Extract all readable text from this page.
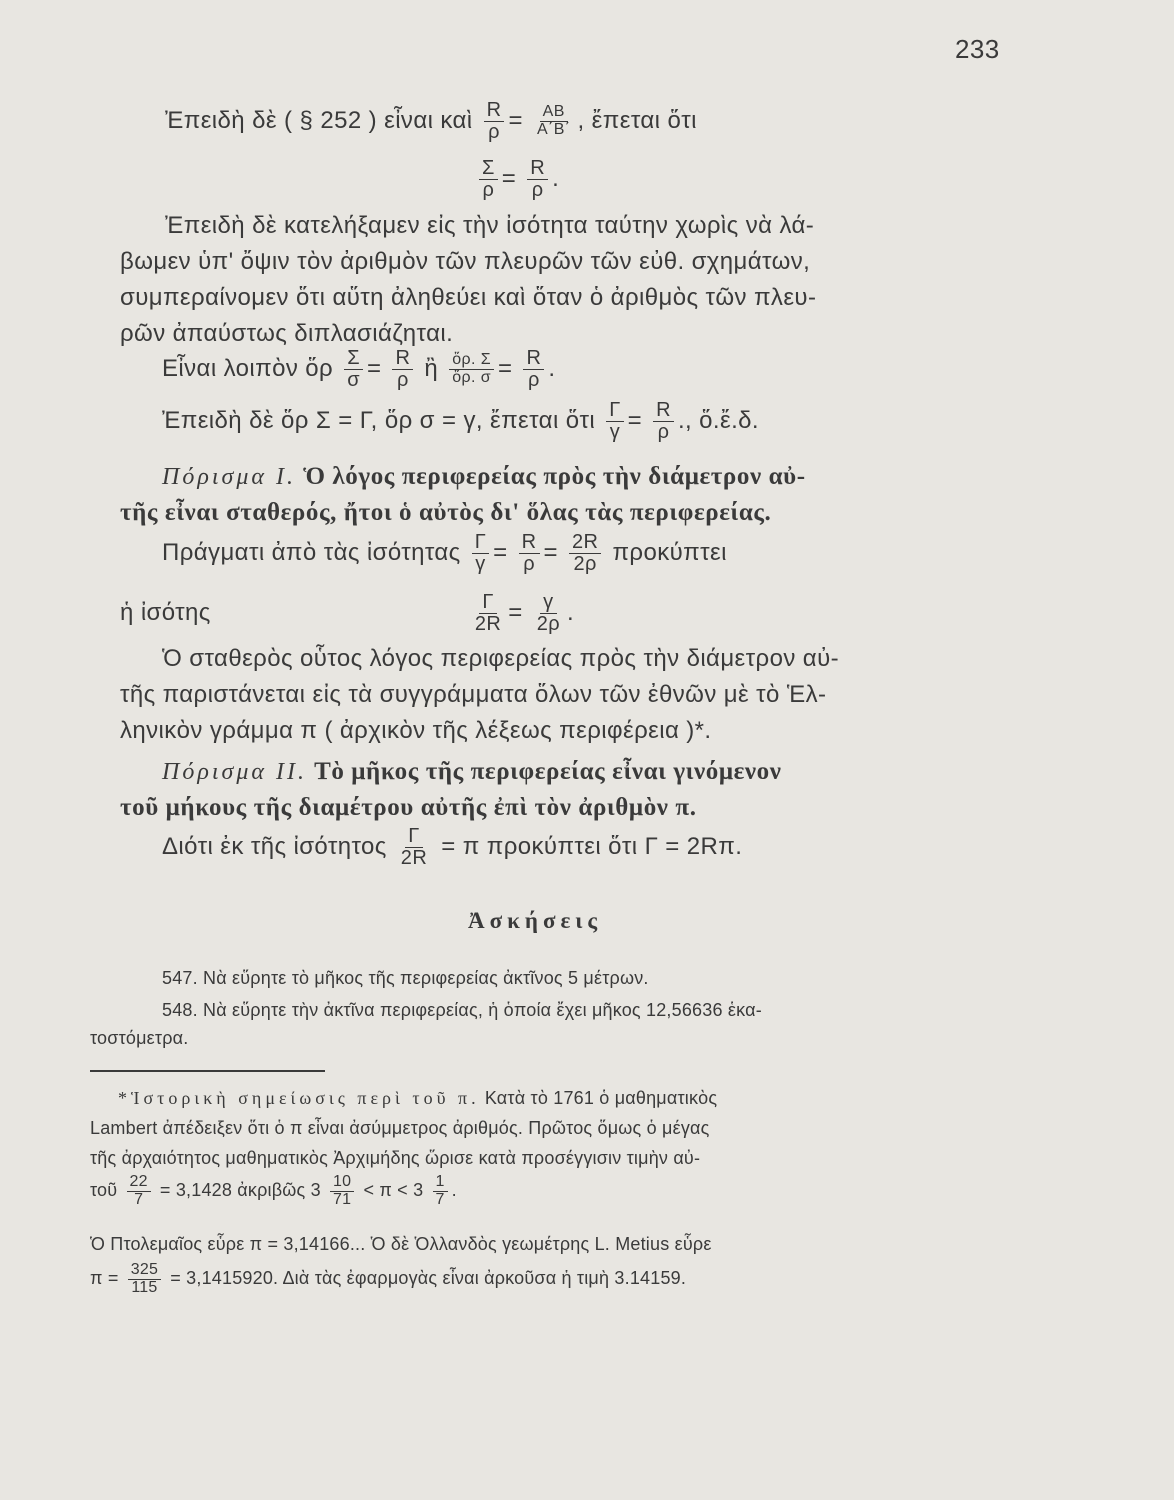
233
Ἐπειδὴ δὲ ( § 252 ) εἶναι καὶ $\frac{R}{\rho} = \frac{AB}{A΄B΄}$ , ἔπεται ὅτι
$\frac{\Sigma}{\rho} = \frac{R}{\rho}$ .
Ἐπειδὴ δὲ κατελήξαμεν εἰς τὴν ἰσότητα ταύτην χωρὶς νὰ λά-
βωμεν ὑπ' ὄψιν τὸν ἀριθμὸν τῶν πλευρῶν τῶν εὐθ. σχημάτων,
συμπεραίνομεν ὅτι αὕτη ἀληθεύει καὶ ὅταν ὁ ἀριθμὸς τῶν πλευ-
ρῶν ἀπαύστως διπλασιάζηται.
Εἶναι λοιπὸν ὅρ $\frac{\Sigma}{\sigma} = \frac{R}{\rho}$ ἢ $\frac{\text{ὅρ. Σ}}{\text{ὅρ. σ}} = \frac{R}{\rho}$ .
Ἐπειδὴ δὲ ὅρ Σ = Γ, ὅρ σ = γ, ἔπεται ὅτι $\frac{\Gamma}{\gamma} = \frac{R}{\rho}$ ., ὅ.ἔ.δ.
Πόρισμα Ι. Ὁ λόγος περιφερείας πρὸς τὴν διάμετρον αὐ-
τῆς εἶναι σταθερός, ἤτοι ὁ αὐτὸς δι' ὅλας τὰς περιφερείας.
Πράγματι ἀπὸ τὰς ἰσότητας $\frac{\Gamma}{\gamma} = \frac{R}{\rho} = \frac{2R}{2\rho}$ προκύπτει
ἡ ἰσότης	$\frac{\Gamma}{2R} = \frac{\gamma}{2\rho}$ .
Ὁ σταθερὸς οὗτος λόγος περιφερείας πρὸς τὴν διάμετρον αὐ-
τῆς παριστάνεται εἰς τὰ συγγράμματα ὅλων τῶν ἐθνῶν μὲ τὸ Ἑλ-
ληνικὸν γράμμα π ( ἀρχικὸν τῆς λέξεως περιφέρεια )*.
Πόρισμα ΙΙ. Τὸ μῆκος τῆς περιφερείας εἶναι γινόμενον
τοῦ μήκους τῆς διαμέτρου αὐτῆς ἐπὶ τὸν ἀριθμὸν π.
Διότι ἐκ τῆς ἰσότητος $\frac{\Gamma}{2R} = \pi$ προκύπτει ὅτι Γ = 2Rπ.
Ἀσκήσεις
547. Νὰ εὕρητε τὸ μῆκος τῆς περιφερείας ἀκτῖνος 5 μέτρων.
548. Νὰ εὕρητε τὴν ἀκτῖνα περιφερείας, ἡ ὁποία ἔχει μῆκος 12,56636 ἑκα-
τοστόμετρα.
*Ἱστορικὴ σημείωσις περὶ τοῦ π. Κατὰ τὸ 1761 ὁ μαθηματικὸς
Lambert ἀπέδειξεν ὅτι ὁ π εἶναι ἀσύμμετρος ἀριθμός. Πρῶτος ὅμως ὁ μέγας
τῆς ἀρχαιότητος μαθηματικὸς Ἀρχιμήδης ὥρισε κατὰ προσέγγισιν τιμὴν αὐ-
τοῦ $\frac{22}{7} = 3,1428$ ἀκριβῶς $3 \frac{10}{71} < \pi < 3 \frac{1}{7}$ .
Ὁ Πτολεμαῖος εὗρε π = 3,14166... Ὁ δὲ Ὁλλανδὸς γεωμέτρης L. Metius εὗρε
$\pi = \frac{325}{115} = 3,1415920$. Διὰ τὰς ἐφαρμογὰς εἶναι ἀρκοῦσα ἡ τιμὴ 3.14159.
